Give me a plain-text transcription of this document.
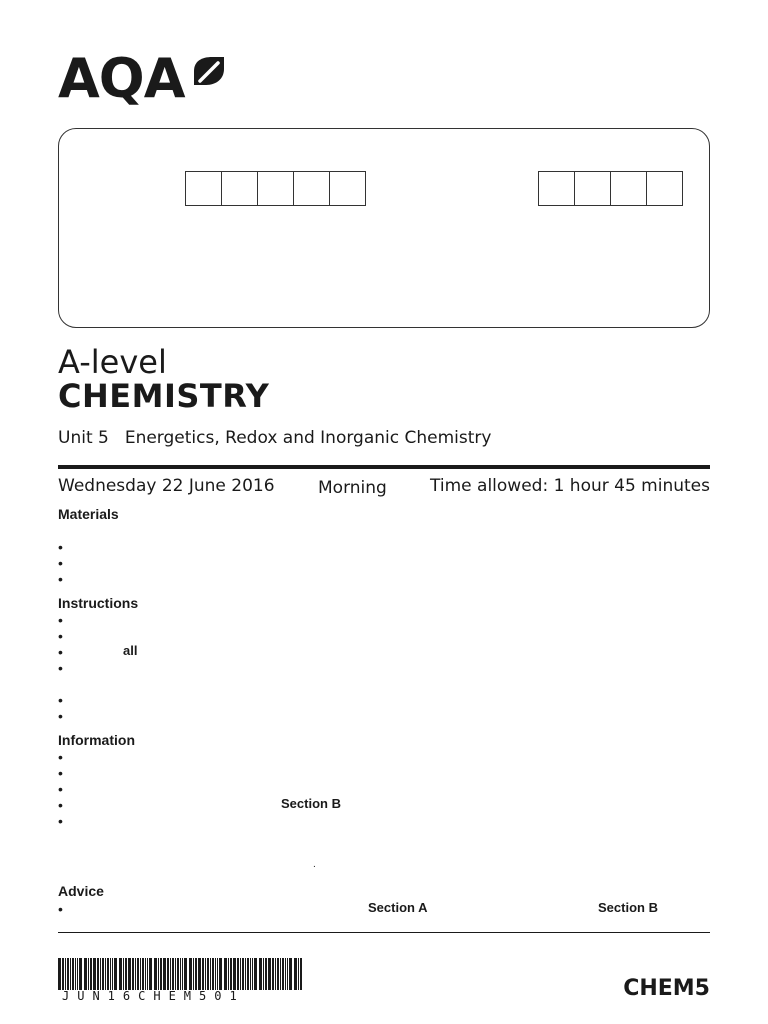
AQA
A-level
CHEMISTRY
Unit 5 Energetics, Redox and Inorganic Chemistry
Wednesday 22 June 2016	Morning	Time allowed: 1 hour 45 minutes
Materials
•
•
•
Instructions
•
•
•	all
•
•
•
Information
•
•
•
•	Section B
•
.
Advice
•	Section A	Section B
JUN16CHEM501	CHEM5
